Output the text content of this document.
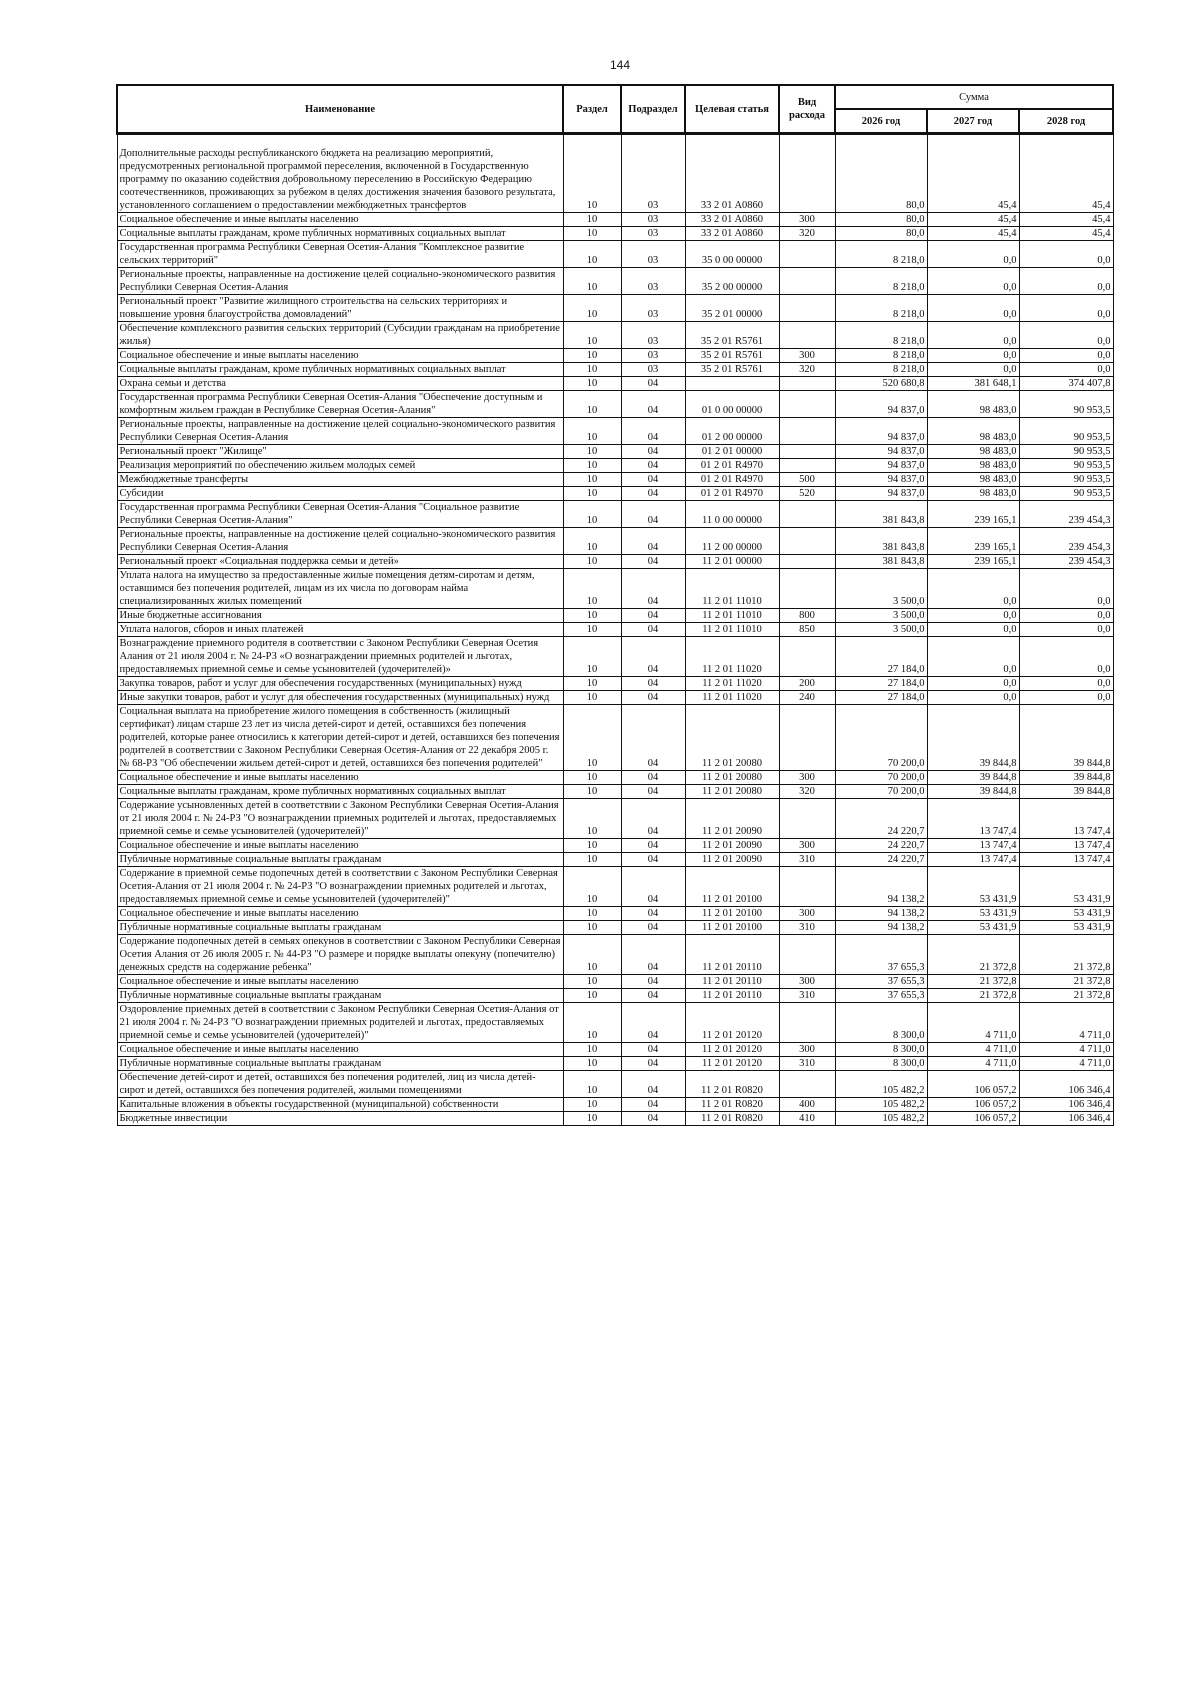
144
Наименование	Раздел	Подраздел	Целевая статья	Вид расхода	Сумма		
					2026 год	2027 год	2028 год
Дополнительные расходы республиканского бюджета на реализацию мероприятий, предусмотренных региональной программой переселения, включенной в Государственную программу по оказанию содействия добровольному переселению в Российскую Федерацию соотечественников, проживающих за рубежом в целях достижения значения базового результата, установленного соглашением о предоставлении межбюджетных трансфертов	10	03	33 2 01 A0860		80,0	45,4	45,4
Социальное обеспечение и иные выплаты населению	10	03	33 2 01 A0860	300	80,0	45,4	45,4
Социальные выплаты гражданам, кроме публичных нормативных социальных выплат	10	03	33 2 01 A0860	320	80,0	45,4	45,4
Государственная программа Республики Северная Осетия-Алания "Комплексное развитие сельских территорий"	10	03	35 0 00 00000		8 218,0	0,0	0,0
Региональные проекты, направленные на достижение целей социально-экономического развития Республики Северная Осетия-Алания	10	03	35 2 00 00000		8 218,0	0,0	0,0
Региональный проект "Развитие жилищного строительства на сельских территориях и повышение уровня благоустройства домовладений"	10	03	35 2 01 00000		8 218,0	0,0	0,0
Обеспечение комплексного развития сельских территорий (Субсидии гражданам на приобретение жилья)	10	03	35 2 01 R5761		8 218,0	0,0	0,0
Социальное обеспечение и иные выплаты населению	10	03	35 2 01 R5761	300	8 218,0	0,0	0,0
Социальные выплаты гражданам, кроме публичных нормативных социальных выплат	10	03	35 2 01 R5761	320	8 218,0	0,0	0,0
Охрана семьи и детства	10	04			520 680,8	381 648,1	374 407,8
Государственная программа Республики Северная Осетия-Алания "Обеспечение доступным и комфортным жильем граждан в Республике Северная Осетия-Алания"	10	04	01 0 00 00000		94 837,0	98 483,0	90 953,5
Региональные проекты, направленные на достижение целей социально-экономического развития Республики Северная Осетия-Алания	10	04	01 2 00 00000		94 837,0	98 483,0	90 953,5
Региональный проект "Жилище"	10	04	01 2 01 00000		94 837,0	98 483,0	90 953,5
Реализация мероприятий по обеспечению жильем молодых семей	10	04	01 2 01 R4970		94 837,0	98 483,0	90 953,5
Межбюджетные трансферты	10	04	01 2 01 R4970	500	94 837,0	98 483,0	90 953,5
Субсидии	10	04	01 2 01 R4970	520	94 837,0	98 483,0	90 953,5
Государственная программа Республики Северная Осетия-Алания "Социальное развитие Республики Северная Осетия-Алания"	10	04	11 0 00 00000		381 843,8	239 165,1	239 454,3
Региональные проекты, направленные на достижение целей социально-экономического развития Республики Северная Осетия-Алания	10	04	11 2 00 00000		381 843,8	239 165,1	239 454,3
Региональный проект «Социальная поддержка семьи и детей»	10	04	11 2 01 00000		381 843,8	239 165,1	239 454,3
Уплата налога на имущество за предоставленные жилые помещения детям-сиротам и детям, оставшимся без попечения родителей, лицам из их числа по договорам найма специализированных жилых помещений	10	04	11 2 01 11010		3 500,0	0,0	0,0
Иные бюджетные ассигнования	10	04	11 2 01 11010	800	3 500,0	0,0	0,0
Уплата налогов, сборов и иных платежей	10	04	11 2 01 11010	850	3 500,0	0,0	0,0
Вознаграждение приемного родителя в соответствии с Законом Республики Северная Осетия Алания от 21 июля 2004 г. № 24-РЗ «О вознаграждении приемных родителей и льготах, предоставляемых приемной семье и семье усыновителей (удочерителей)»	10	04	11 2 01 11020		27 184,0	0,0	0,0
Закупка товаров, работ и услуг для обеспечения государственных (муниципальных) нужд	10	04	11 2 01 11020	200	27 184,0	0,0	0,0
Иные закупки товаров, работ и услуг для обеспечения государственных (муниципальных) нужд	10	04	11 2 01 11020	240	27 184,0	0,0	0,0
Социальная выплата на приобретение жилого помещения в собственность (жилищный сертификат) лицам старше 23 лет из числа детей-сирот и детей, оставшихся без попечения родителей, которые ранее относились к категории детей-сирот и детей, оставшихся без попечения родителей в соответствии с Законом Республики Северная Осетия-Алания от 22 декабря 2005 г. № 68-РЗ "Об обеспечении жильем детей-сирот и детей, оставшихся без попечения родителей"	10	04	11 2 01 20080		70 200,0	39 844,8	39 844,8
Социальное обеспечение и иные выплаты населению	10	04	11 2 01 20080	300	70 200,0	39 844,8	39 844,8
Социальные выплаты гражданам, кроме публичных нормативных социальных выплат	10	04	11 2 01 20080	320	70 200,0	39 844,8	39 844,8
Содержание усыновленных детей в соответствии с Законом Республики Северная Осетия-Алания от 21 июля 2004 г. № 24-РЗ "О вознаграждении приемных родителей и льготах, предоставляемых приемной семье и семье усыновителей (удочерителей)"	10	04	11 2 01 20090		24 220,7	13 747,4	13 747,4
Социальное обеспечение и иные выплаты населению	10	04	11 2 01 20090	300	24 220,7	13 747,4	13 747,4
Публичные нормативные социальные выплаты гражданам	10	04	11 2 01 20090	310	24 220,7	13 747,4	13 747,4
Содержание в приемной семье подопечных детей в соответствии с Законом Республики Северная Осетия-Алания от 21 июля 2004 г. № 24-РЗ "О вознаграждении приемных родителей и льготах, предоставляемых приемной семье и семье усыновителей (удочерителей)"	10	04	11 2 01 20100		94 138,2	53 431,9	53 431,9
Социальное обеспечение и иные выплаты населению	10	04	11 2 01 20100	300	94 138,2	53 431,9	53 431,9
Публичные нормативные социальные выплаты гражданам	10	04	11 2 01 20100	310	94 138,2	53 431,9	53 431,9
Содержание подопечных детей в семьях опекунов в соответствии с Законом Республики Северная Осетия Алания от 26 июля 2005 г. № 44-РЗ "О размере и порядке выплаты опекуну (попечителю) денежных средств на содержание ребенка"	10	04	11 2 01 20110		37 655,3	21 372,8	21 372,8
Социальное обеспечение и иные выплаты населению	10	04	11 2 01 20110	300	37 655,3	21 372,8	21 372,8
Публичные нормативные социальные выплаты гражданам	10	04	11 2 01 20110	310	37 655,3	21 372,8	21 372,8
Оздоровление приемных детей в соответствии с Законом Республики Северная Осетия-Алания от 21 июля 2004 г. № 24-РЗ "О вознаграждении приемных родителей и льготах, предоставляемых приемной семье и семье усыновителей (удочерителей)"	10	04	11 2 01 20120		8 300,0	4 711,0	4 711,0
Социальное обеспечение и иные выплаты населению	10	04	11 2 01 20120	300	8 300,0	4 711,0	4 711,0
Публичные нормативные социальные выплаты гражданам	10	04	11 2 01 20120	310	8 300,0	4 711,0	4 711,0
Обеспечение детей-сирот и детей, оставшихся без попечения родителей, лиц из числа детей-сирот и детей, оставшихся без попечения родителей, жилыми помещениями	10	04	11 2 01 R0820		105 482,2	106 057,2	106 346,4
Капитальные вложения в объекты государственной (муниципальной) собственности	10	04	11 2 01 R0820	400	105 482,2	106 057,2	106 346,4
Бюджетные инвестиции	10	04	11 2 01 R0820	410	105 482,2	106 057,2	106 346,4
